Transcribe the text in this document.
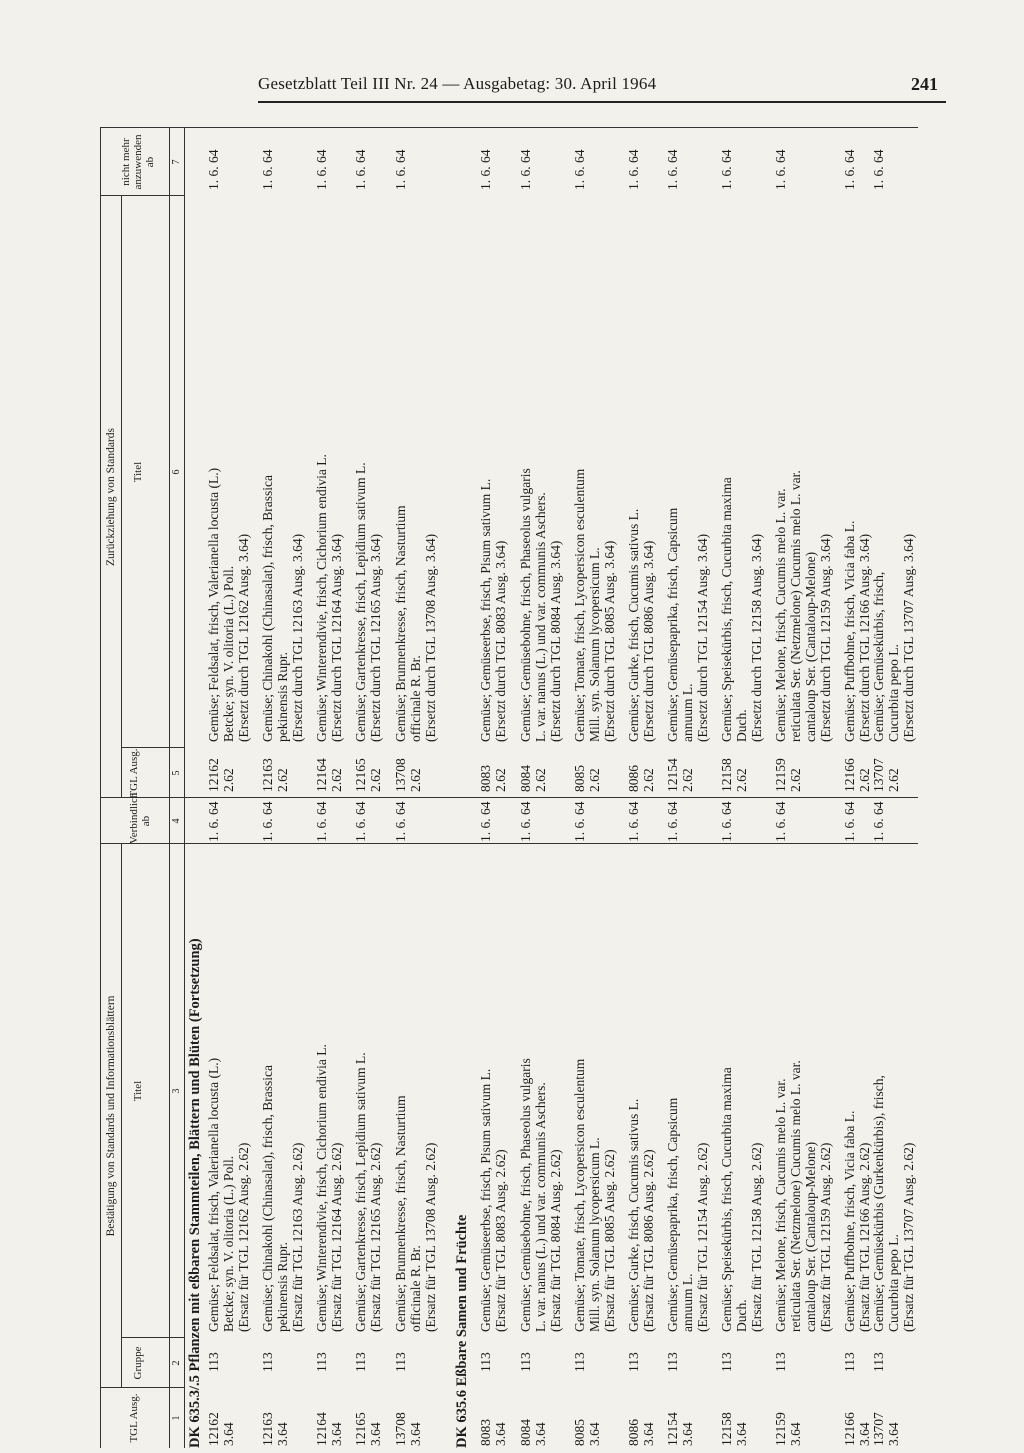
Gesetzblatt Teil III Nr. 24 — Ausgabetag: 30. April 1964	241
Bestätigung von Standards und Informationsblättern
Zurückziehung von Standards
TGL Ausg.
Gruppe
Titel
Verbindlich ab
TGL Ausg.
Titel
nicht mehr anzuwenden ab
1
2
3
4
5
6
7
DK 635.3/.5 Pflanzen mit eßbaren Stammteilen, Blättern und Blüten (Fortsetzung) 12162 3.64
113
Gemüse; Feldsalat, frisch, Valerianella locusta (L.) Betcke; syn. V. olitoria (L.) Poll. (Ersatz für TGL 12162 Ausg. 2.62)
1. 6. 64
12162 2.62
Gemüse; Feldsalat, frisch, Valerianella locusta (L.) Betcke; syn. V. olitoria (L.) Poll. (Ersetzt durch TGL 12162 Ausg. 3.64)
1. 6. 64
12163 3.64
113
Gemüse; Chinakohl (Chinasalat), frisch, Brassica pekinensis Rupr. (Ersatz für TGL 12163 Ausg. 2.62)
1. 6. 64
12163 2.62
Gemüse; Chinakohl (Chinasalat), frisch, Brassica pekinensis Rupr. (Ersetzt durch TGL 12163 Ausg. 3.64)
1. 6. 64
12164 3.64
113
Gemüse; Winterendivie, frisch, Cichorium endivia L. (Ersatz für TGL 12164 Ausg. 2.62)
1. 6. 64
12164 2.62
Gemüse; Winterendivie, frisch, Cichorium endivia L. (Ersetzt durch TGL 12164 Ausg. 3.64)
1. 6. 64
12165 3.64
113
Gemüse; Gartenkresse, frisch, Lepidium sativum L. (Ersatz für TGL 12165 Ausg. 2.62)
1. 6. 64
12165 2.62
Gemüse; Gartenkresse, frisch, Lepidium sativum L. (Ersetzt durch TGL 12165 Ausg. 3.64)
1. 6. 64
13708 3.64
113
Gemüse; Brunnenkresse, frisch, Nasturtium officinale R. Br. (Ersatz für TGL 13708 Ausg. 2.62)
1. 6. 64
13708 2.62
Gemüse; Brunnenkresse, frisch, Nasturtium officinale R. Br. (Ersetzt durch TGL 13708 Ausg. 3.64)
1. 6. 64
DK 635.6 Eßbare Samen und Früchte 8083 3.64
113
Gemüse; Gemüseerbse, frisch, Pisum sativum L. (Ersatz für TGL 8083 Ausg. 2.62)
1. 6. 64
8083 2.62
Gemüse; Gemüseerbse, frisch, Pisum sativum L. (Ersetzt durch TGL 8083 Ausg. 3.64)
1. 6. 64
8084 3.64
113
Gemüse; Gemüsebohne, frisch, Phaseolus vulgaris L. var. nanus (L.) und var. communis Aschers. (Ersatz für TGL 8084 Ausg. 2.62)
1. 6. 64
8084 2.62
Gemüse; Gemüsebohne, frisch, Phaseolus vulgaris L. var. nanus (L.) und var. communis Aschers. (Ersetzt durch TGL 8084 Ausg. 3.64)
1. 6. 64
8085 3.64
113
Gemüse; Tomate, frisch, Lycopersicon esculentum Mill. syn. Solanum lycopersicum L. (Ersatz für TGL 8085 Ausg. 2.62)
1. 6. 64
8085 2.62
Gemüse; Tomate, frisch, Lycopersicon esculentum Mill. syn. Solanum lycopersicum L. (Ersetzt durch TGL 8085 Ausg. 3.64)
1. 6. 64
8086 3.64
113
Gemüse; Gurke, frisch, Cucumis sativus L. (Ersatz für TGL 8086 Ausg. 2.62)
1. 6. 64
8086 2.62
Gemüse; Gurke, frisch, Cucumis sativus L. (Ersetzt durch TGL 8086 Ausg. 3.64)
1. 6. 64
12154 3.64
113
Gemüse; Gemüsepaprika, frisch, Capsicum annuum L. (Ersatz für TGL 12154 Ausg. 2.62)
1. 6. 64
12154 2.62
Gemüse; Gemüsepaprika, frisch, Capsicum annuum L. (Ersetzt durch TGL 12154 Ausg. 3.64)
1. 6. 64
12158 3.64
113
Gemüse; Speisekürbis, frisch, Cucurbita maxima Duch. (Ersatz für TGL 12158 Ausg. 2.62)
1. 6. 64
12158 2.62
Gemüse; Speisekürbis, frisch, Cucurbita maxima Duch. (Ersetzt durch TGL 12158 Ausg. 3.64)
1. 6. 64
12159 3.64
113
Gemüse; Melone, frisch, Cucumis melo L. var. reticulata Ser. (Netzmelone) Cucumis melo L. var. cantaloup Ser. (Cantaloup-Melone) (Ersatz für TGL 12159 Ausg. 2.62)
1. 6. 64
12159 2.62
Gemüse; Melone, frisch, Cucumis melo L. var. reticulata Ser. (Netzmelone) Cucumis melo L. var. cantaloup Ser. (Cantaloup-Melone) (Ersetzt durch TGL 12159 Ausg. 3.64)
1. 6. 64
12166 3.64
113
Gemüse; Puffbohne, frisch, Vicia faba L. (Ersatz für TGL 12166 Ausg. 2.62)
1. 6. 64
12166 2.62
Gemüse; Puffbohne, frisch, Vicia faba L. (Ersetzt durch TGL 12166 Ausg. 3.64)
1. 6. 64
13707 3.64
113
Gemüse; Gemüsekürbis (Gurkenkürbis), frisch, Cucurbita pepo L. (Ersatz für TGL 13707 Ausg. 2.62)
1. 6. 64
13707 2.62
Gemüse; Gemüsekürbis, frisch, Cucurbita pepo L. (Ersetzt durch TGL 13707 Ausg. 3.64)
1. 6. 64
